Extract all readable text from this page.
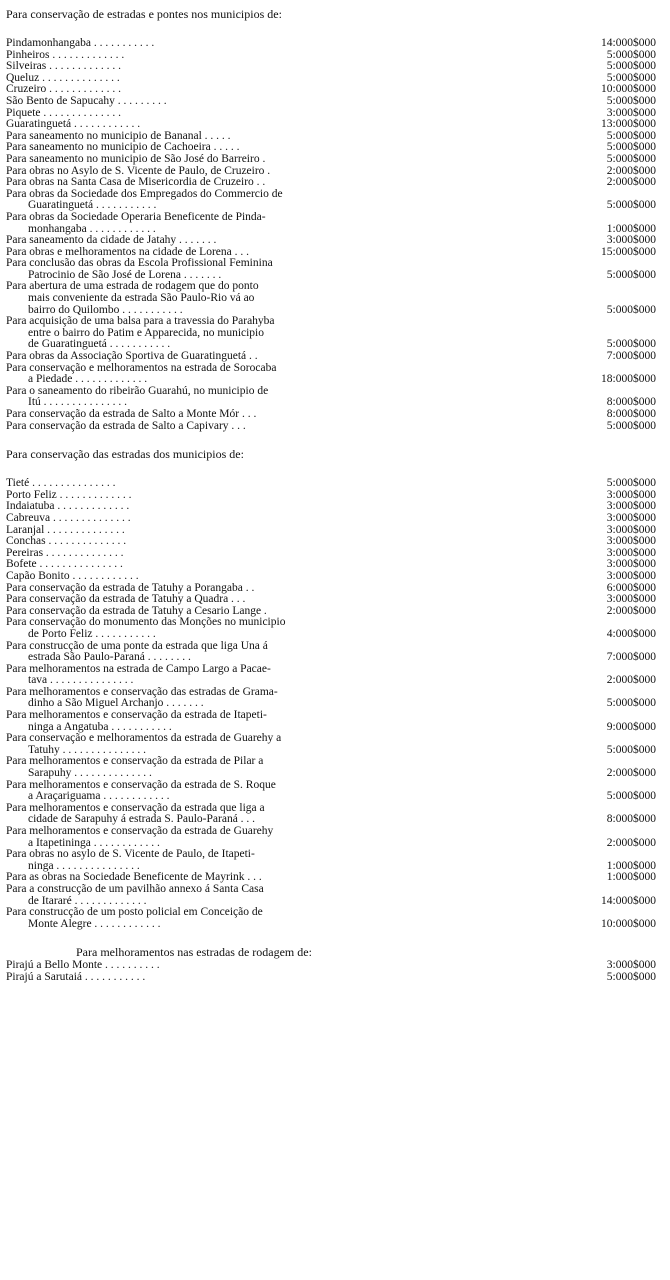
Para conservação de estradas e pontes nos municipios de:
Pindamonhangaba . . . . . . . . . . .	14:000$000
Pinheiros . . . . . . . . . . . . .	5:000$000
Silveiras . . . . . . . . . . . . .	5:000$000
Queluz . . . . . . . . . . . . . .	5:000$000
Cruzeiro . . . . . . . . . . . . .	10:000$000
São Bento de Sapucahy . . . . . . . . .	5:000$000
Piquete . . . . . . . . . . . . . .	3:000$000
Guaratinguetá . . . . . . . . . . . .	13:000$000
Para saneamento no municipio de Bananal . . . . .	5:000$000
Para saneamento no municipio de Cachoeira . . . . .	5:000$000
Para saneamento no municipio de São José do Barreiro .	5:000$000
Para obras no Asylo de S. Vicente de Paulo, de Cruzeiro .	2:000$000
Para obras na Santa Casa de Misericordia de Cruzeiro . .	2:000$000
Para obras da Sociedade dos Empregados do Commercio de
Guaratinguetá . . . . . . . . . . .	5:000$000
Para obras da Sociedade Operaria Beneficente de Pinda-
monhangaba . . . . . . . . . . . .	1:000$000
Para saneamento da cidade de Jatahy . . . . . . .	3:000$000
Para obras e melhoramentos na cidade de Lorena . . .	15:000$000
Para conclusão das obras da Escola Profissional Feminina
Patrocinio de São José de Lorena . . . . . . .	5:000$000
Para abertura de uma estrada de rodagem que do ponto
mais conveniente da estrada São Paulo-Rio vá ao
bairro do Quilombo . . . . . . . . . . .	5:000$000
Para acquisição de uma balsa para a travessia do Parahyba
entre o bairro do Patim e Apparecida, no municipio
de Guaratinguetá . . . . . . . . . . .	5:000$000
Para obras da Associação Sportiva de Guaratinguetá . .	7:000$000
Para conservação e melhoramentos na estrada de Sorocaba
a Piedade . . . . . . . . . . . . .	18:000$000
Para o saneamento do ribeirão Guarahú, no municipio de
Itú . . . . . . . . . . . . . . .	8:000$000
Para conservação da estrada de Salto a Monte Mór . . .	8:000$000
Para conservação da estrada de Salto a Capivary . . .	5:000$000
Para conservação das estradas dos municipios de:
Tieté . . . . . . . . . . . . . . .	5:000$000
Porto Feliz . . . . . . . . . . . . .	3:000$000
Indaiatuba . . . . . . . . . . . . .	3:000$000
Cabreuva . . . . . . . . . . . . . .	3:000$000
Laranjal . . . . . . . . . . . . . .	3:000$000
Conchas . . . . . . . . . . . . . .	3:000$000
Pereiras . . . . . . . . . . . . . .	3:000$000
Bofete . . . . . . . . . . . . . . .	3:000$000
Capão Bonito . . . . . . . . . . . .	3:000$000
Para conservação da estrada de Tatuhy a Porangaba . .	6:000$000
Para conservação da estrada de Tatuhy a Quadra . . .	3:000$000
Para conservação da estrada de Tatuhy a Cesario Lange .	2:000$000
Para conservação do monumento das Monções no municipio
de Porto Feliz . . . . . . . . . . .	4:000$000
Para construcção de uma ponte da estrada que liga Una á
estrada São Paulo-Paraná . . . . . . . .	7:000$000
Para melhoramentos na estrada de Campo Largo a Pacae-
tava . . . . . . . . . . . . . . .	2:000$000
Para melhoramentos e conservação das estradas de Grama-
dinho a São Miguel Archanjo . . . . . . .	5:000$000
Para melhoramentos e conservação da estrada de Itapeti-
ninga a Angatuba . . . . . . . . . . .	9:000$000
Para conservação e melhoramentos da estrada de Guarehy a
Tatuhy . . . . . . . . . . . . . . .	5:000$000
Para melhoramentos e conservação da estrada de Pilar a
Sarapuhy . . . . . . . . . . . . . .	2:000$000
Para melhoramentos e conservação da estrada de S. Roque
a Araçariguama . . . . . . . . . . . .	5:000$000
Para melhoramentos e conservação da estrada que liga a
cidade de Sarapuhy á estrada S. Paulo-Paraná . . .	8:000$000
Para melhoramentos e conservação da estrada de Guarehy
a Itapetininga . . . . . . . . . . . .	2:000$000
Para obras no asylo de S. Vicente de Paulo, de Itapeti-
ninga . . . . . . . . . . . . . . .	1:000$000
Para as obras na Sociedade Beneficente de Mayrink . . .	1:000$000
Para a construcção de um pavilhão annexo á Santa Casa
de Itararé . . . . . . . . . . . . .	14:000$000
Para construcção de um posto policial em Conceição de
Monte Alegre . . . . . . . . . . . .	10:000$000
Para melhoramentos nas estradas de rodagem de:
Pirajú a Bello Monte . . . . . . . . . .	3:000$000
Pirajú a Sarutaiá . . . . . . . . . . .	5:000$000
